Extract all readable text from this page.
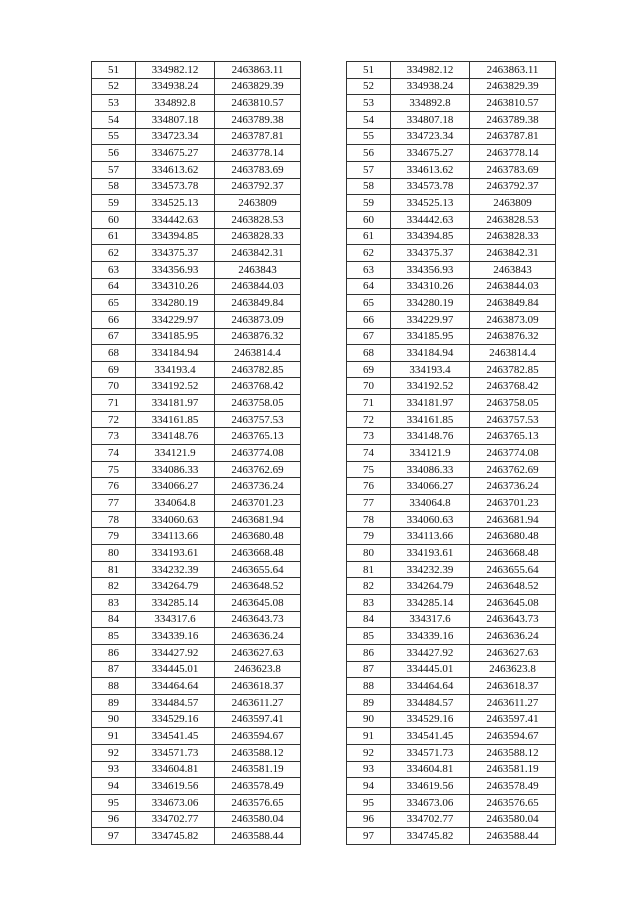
51	334982.12	2463863.11
52	334938.24	2463829.39
53	334892.8	2463810.57
54	334807.18	2463789.38
55	334723.34	2463787.81
56	334675.27	2463778.14
57	334613.62	2463783.69
58	334573.78	2463792.37
59	334525.13	2463809
60	334442.63	2463828.53
61	334394.85	2463828.33
62	334375.37	2463842.31
63	334356.93	2463843
64	334310.26	2463844.03
65	334280.19	2463849.84
66	334229.97	2463873.09
67	334185.95	2463876.32
68	334184.94	2463814.4
69	334193.4	2463782.85
70	334192.52	2463768.42
71	334181.97	2463758.05
72	334161.85	2463757.53
73	334148.76	2463765.13
74	334121.9	2463774.08
75	334086.33	2463762.69
76	334066.27	2463736.24
77	334064.8	2463701.23
78	334060.63	2463681.94
79	334113.66	2463680.48
80	334193.61	2463668.48
81	334232.39	2463655.64
82	334264.79	2463648.52
83	334285.14	2463645.08
84	334317.6	2463643.73
85	334339.16	2463636.24
86	334427.92	2463627.63
87	334445.01	2463623.8
88	334464.64	2463618.37
89	334484.57	2463611.27
90	334529.16	2463597.41
91	334541.45	2463594.67
92	334571.73	2463588.12
93	334604.81	2463581.19
94	334619.56	2463578.49
95	334673.06	2463576.65
96	334702.77	2463580.04
97	334745.82	2463588.44
51	334982.12	2463863.11
52	334938.24	2463829.39
53	334892.8	2463810.57
54	334807.18	2463789.38
55	334723.34	2463787.81
56	334675.27	2463778.14
57	334613.62	2463783.69
58	334573.78	2463792.37
59	334525.13	2463809
60	334442.63	2463828.53
61	334394.85	2463828.33
62	334375.37	2463842.31
63	334356.93	2463843
64	334310.26	2463844.03
65	334280.19	2463849.84
66	334229.97	2463873.09
67	334185.95	2463876.32
68	334184.94	2463814.4
69	334193.4	2463782.85
70	334192.52	2463768.42
71	334181.97	2463758.05
72	334161.85	2463757.53
73	334148.76	2463765.13
74	334121.9	2463774.08
75	334086.33	2463762.69
76	334066.27	2463736.24
77	334064.8	2463701.23
78	334060.63	2463681.94
79	334113.66	2463680.48
80	334193.61	2463668.48
81	334232.39	2463655.64
82	334264.79	2463648.52
83	334285.14	2463645.08
84	334317.6	2463643.73
85	334339.16	2463636.24
86	334427.92	2463627.63
87	334445.01	2463623.8
88	334464.64	2463618.37
89	334484.57	2463611.27
90	334529.16	2463597.41
91	334541.45	2463594.67
92	334571.73	2463588.12
93	334604.81	2463581.19
94	334619.56	2463578.49
95	334673.06	2463576.65
96	334702.77	2463580.04
97	334745.82	2463588.44
